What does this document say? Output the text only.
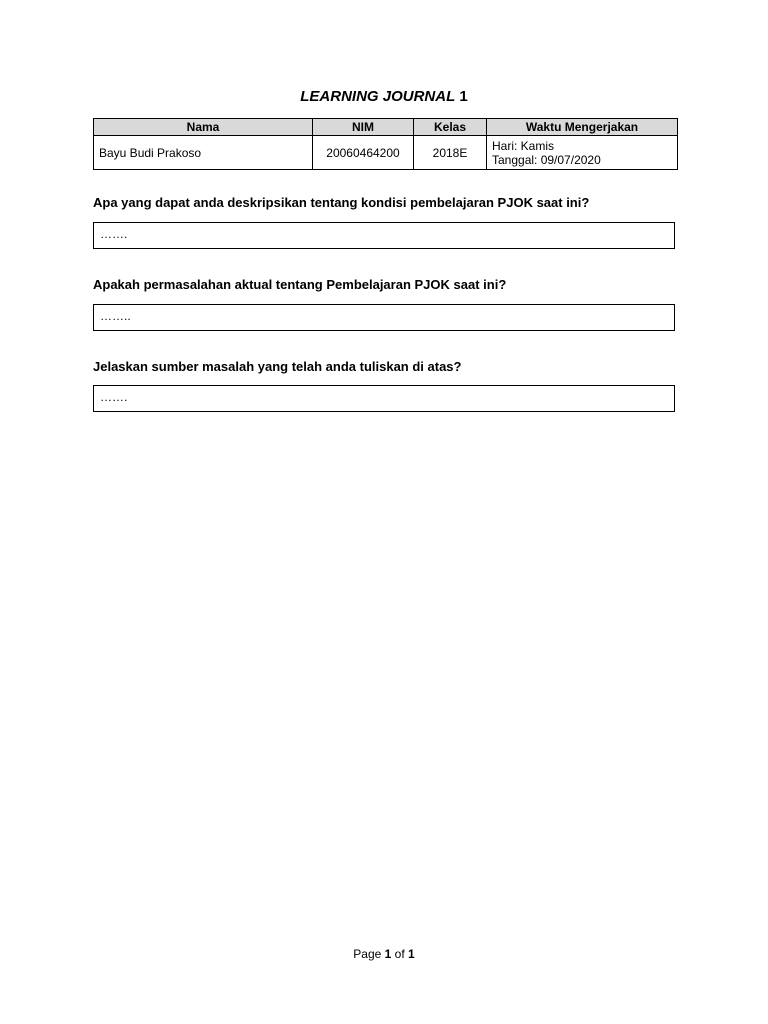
LEARNING JOURNAL 1
Nama	NIM	Kelas	Waktu Mengerjakan
Bayu Budi Prakoso	20060464200	2018E	Hari: Kamis
Tanggal: 09/07/2020
Apa yang dapat anda deskripsikan tentang kondisi pembelajaran PJOK saat ini?
…….
Apakah permasalahan aktual tentang Pembelajaran PJOK saat ini?
……..
Jelaskan sumber masalah yang telah anda tuliskan di atas?
…….
Page 1 of 1
